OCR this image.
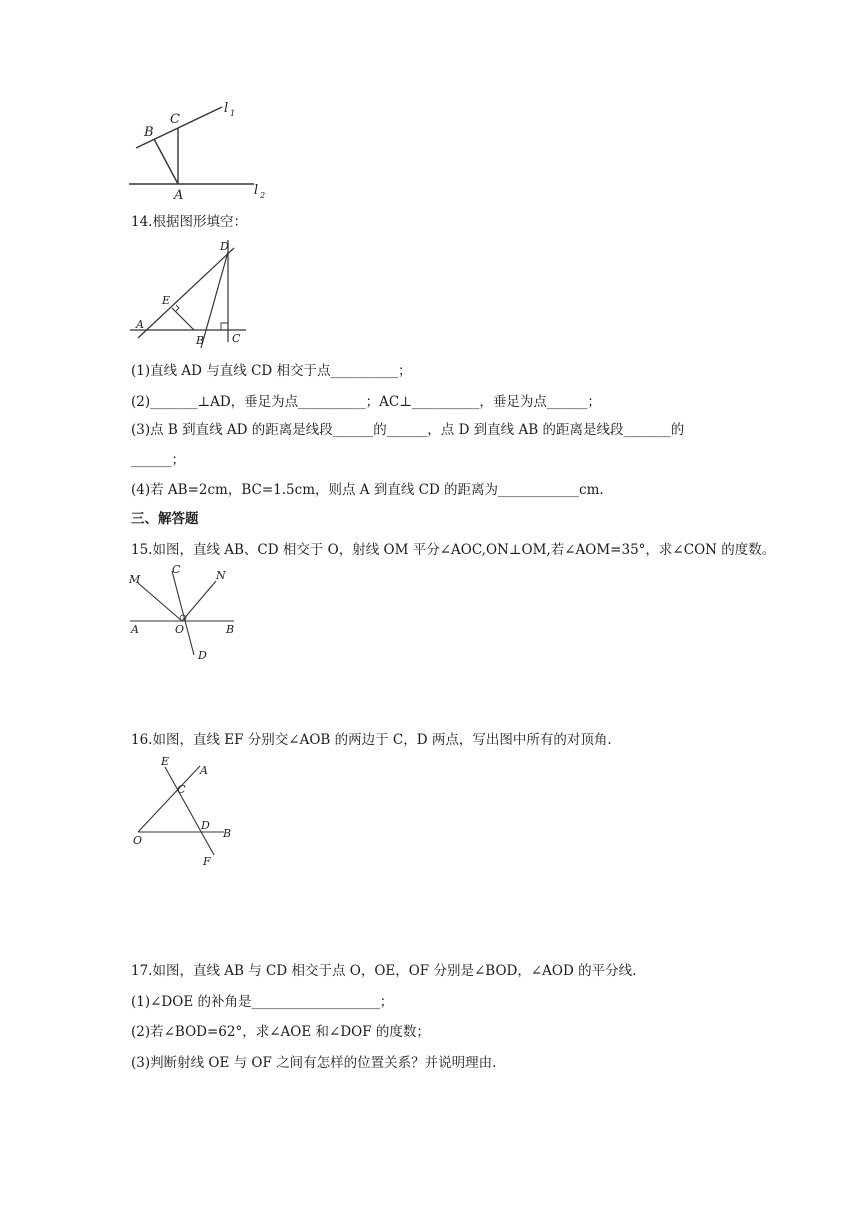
B
C
A
l 1
l 2
14.根据图形填空：
D
E
A
B	C
(1)直线 AD 与直线 CD 相交于点__________；
(2)_______⊥AD，垂足为点__________；AC⊥__________，垂足为点______；
(3)点 B 到直线 AD 的距离是线段______的______，点 D 到直线 AB 的距离是线段_______的
______；
(4)若 AB=2cm，BC=1.5cm，则点 A 到直线 CD 的距离为____________cm.
三、解答题
15.如图，直线 AB、CD 相交于 O，射线 OM 平分∠AOC,ON⊥OM,若∠AOM=35°，求∠CON 的度数。
M
C	N
A	O	B
D
16.如图，直线 EF 分别交∠AOB 的两边于 C，D 两点，写出图中所有的对顶角.
E
A
C
D
B
O
F
17.如图，直线 AB 与 CD 相交于点 O，OE，OF 分别是∠BOD，∠AOD 的平分线.
(1)∠DOE 的补角是___________________；
(2)若∠BOD=62°，求∠AOE 和∠DOF 的度数；
(3)判断射线 OE 与 OF 之间有怎样的位置关系？并说明理由.
